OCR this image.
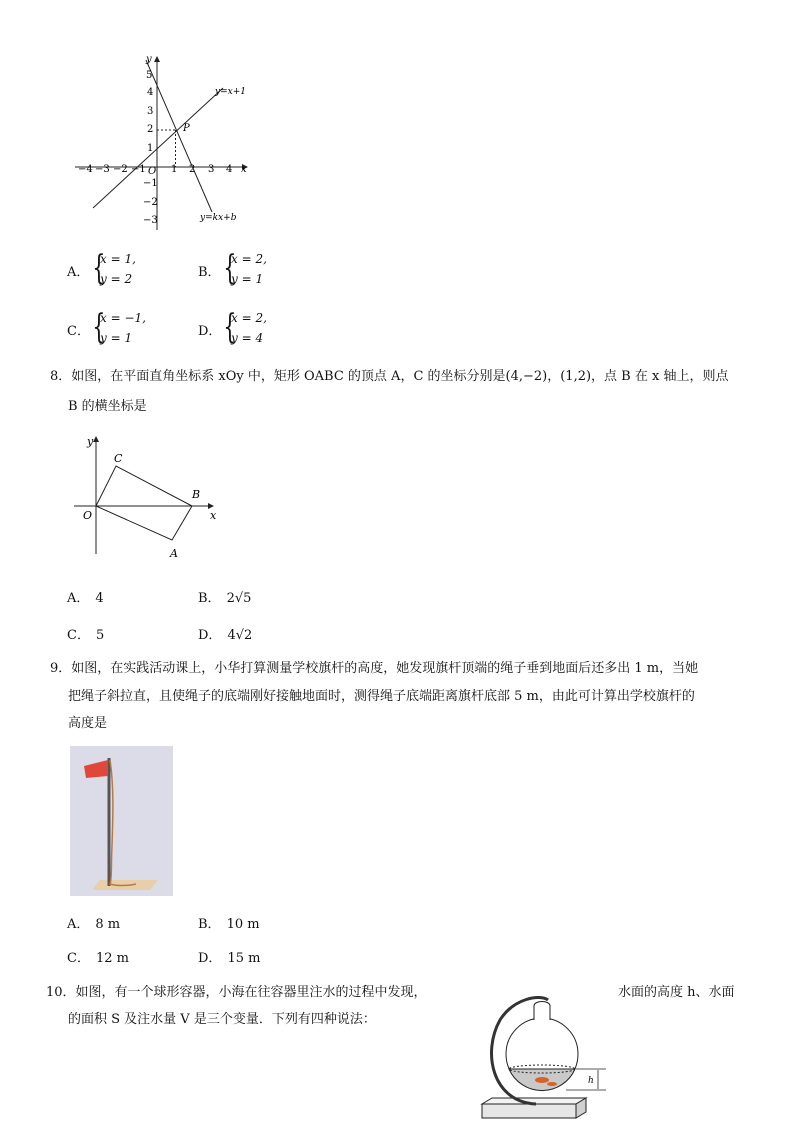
−4 −3 −2 −1	1 2 3 4 x
5
4
3
2
1
−1
−2
−3
y
O
P
y=x+1
y=kx+b
A． {
x = 1,
y = 2	B． {
x = 2,
y = 1
C． {
x = −1,
y = 1	D． {
x = 2,
y = 4
8．如图，在平面直角坐标系 xOy 中，矩形 OABC 的顶点 A，C 的坐标分别是(4,−2)，(1,2)，点 B 在 x 轴上，则点
B 的横坐标是
y
x
O
A
B
C
A． 4	B． 2√5
C． 5	D． 4√2
9．如图，在实践活动课上，小华打算测量学校旗杆的高度，她发现旗杆顶端的绳子垂到地面后还多出 1 m，当她
把绳子斜拉直，且使绳子的底端刚好接触地面时，测得绳子底端距离旗杆底部 5 m，由此可计算出学校旗杆的
高度是
A． 8 m	B． 10 m
C． 12 m	D． 15 m
10．如图，有一个球形容器，小海在往容器里注水的过程中发现，	水面的高度 h、水面
的面积 S 及注水量 V 是三个变量．下列有四种说法：
h
